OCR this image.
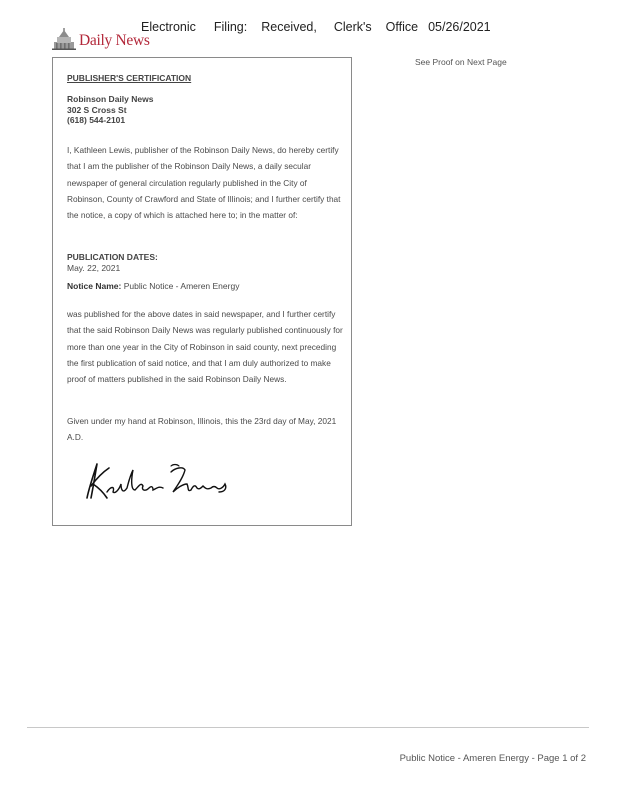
Electronic Filing: Received, Clerk's Office 05/26/2021
Daily News
See Proof on Next Page
PUBLISHER'S CERTIFICATION
Robinson Daily News
302 S Cross St
(618) 544-2101
I, Kathleen Lewis, publisher of the Robinson Daily News, do hereby certify that I am the publisher of the Robinson Daily News, a daily secular newspaper of general circulation regularly published in the City of Robinson, County of Crawford and State of Illinois; and I further certify that the notice, a copy of which is attached here to; in the matter of:
PUBLICATION DATES:
May. 22, 2021
Notice Name: Public Notice - Ameren Energy
was published for the above dates in said newspaper, and I further certify that the said Robinson Daily News was regularly published continuously for more than one year in the City of Robinson in said county, next preceding the first publication of said notice, and that I am duly authorized to make proof of matters published in the said Robinson Daily News.
Given under my hand at Robinson, Illinois, this the 23rd day of May, 2021 A.D.
Public Notice - Ameren Energy - Page 1 of 2
